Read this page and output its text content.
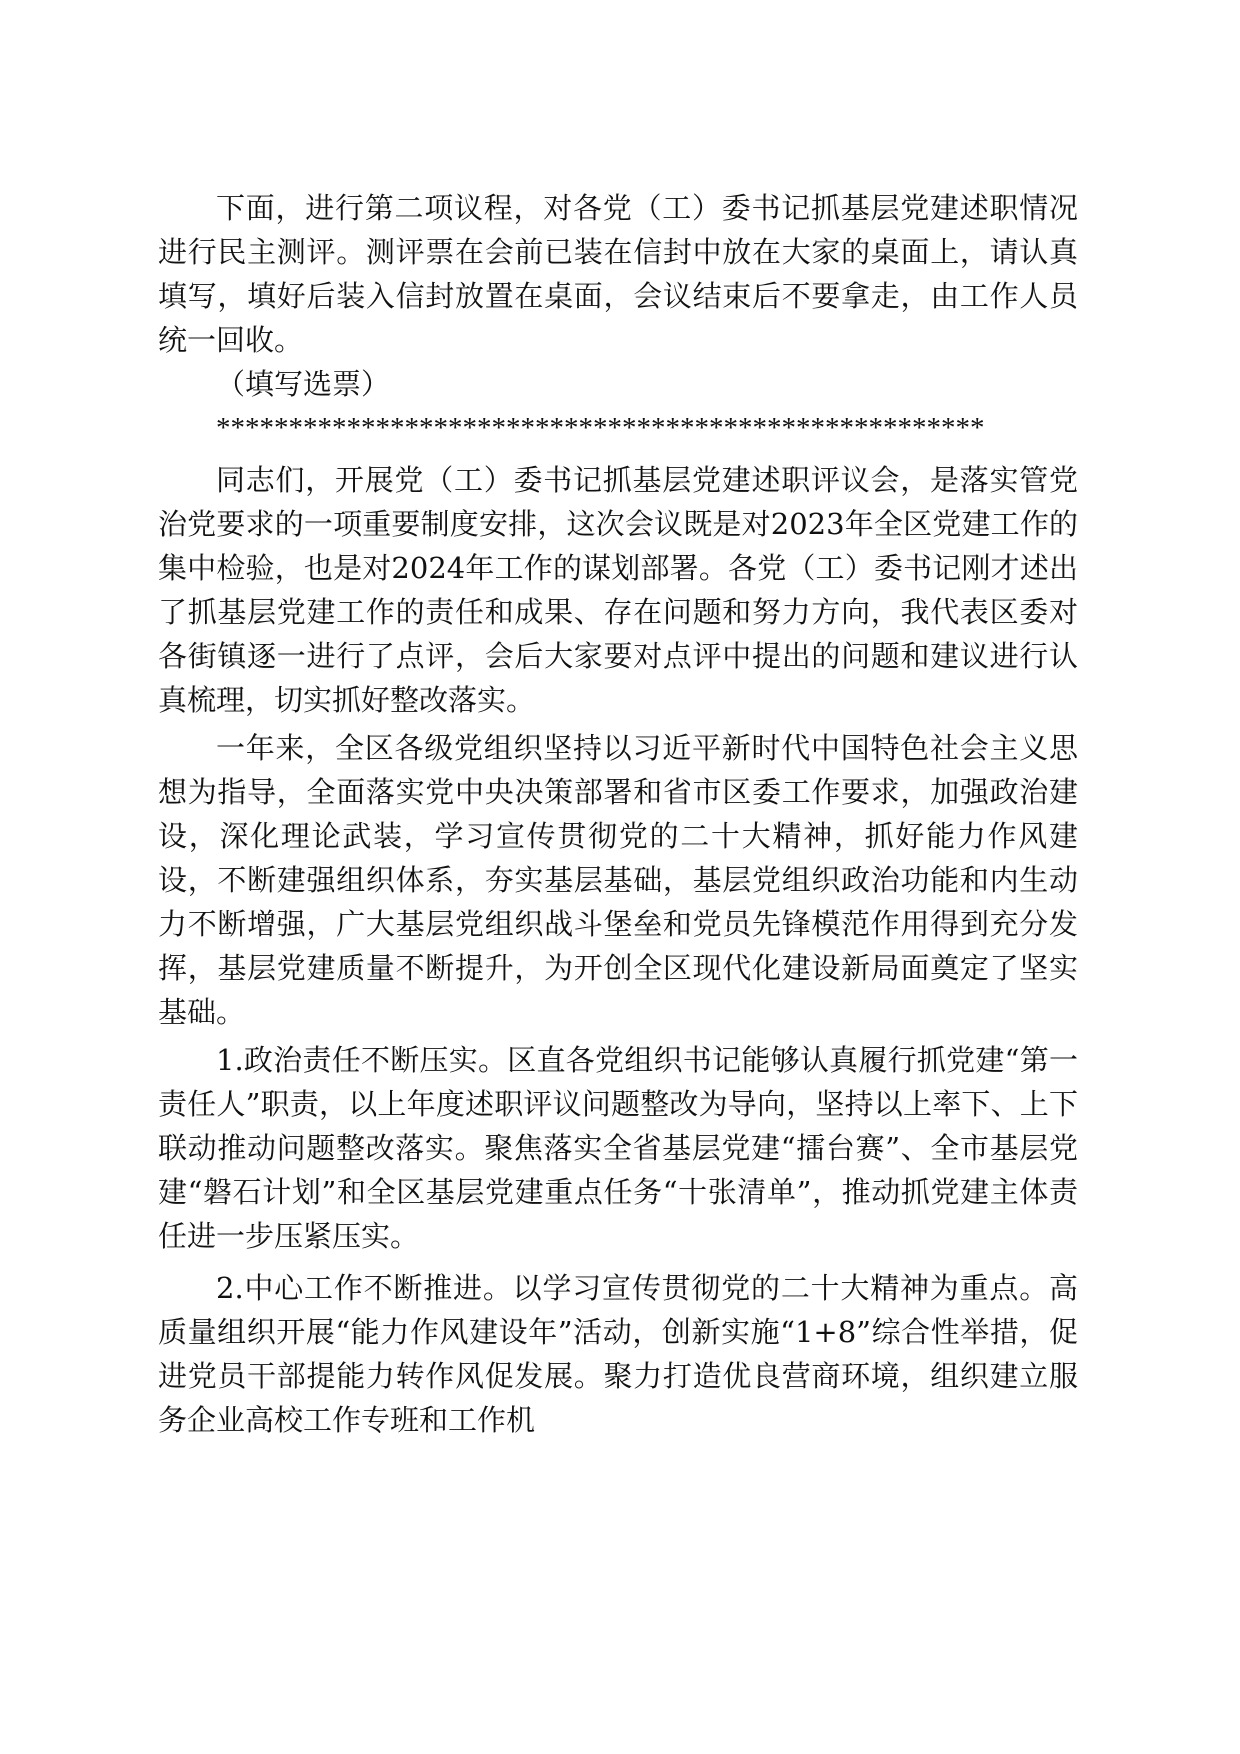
下面，进行第二项议程，对各党（工）委书记抓基层党建述职情况进行民主测评。测评票在会前已装在信封中放在大家的桌面上，请认真填写，填好后装入信封放置在桌面，会议结束后不要拿走，由工作人员统一回收。

（填写选票）

*****************************************************

同志们，开展党（工）委书记抓基层党建述职评议会，是落实管党治党要求的一项重要制度安排，这次会议既是对2023年全区党建工作的集中检验，也是对2024年工作的谋划部署。各党（工）委书记刚才述出了抓基层党建工作的责任和成果、存在问题和努力方向，我代表区委对各街镇逐一进行了点评，会后大家要对点评中提出的问题和建议进行认真梳理，切实抓好整改落实。

一年来，全区各级党组织坚持以习近平新时代中国特色社会主义思想为指导，全面落实党中央决策部署和省市区委工作要求，加强政治建设，深化理论武装，学习宣传贯彻党的二十大精神，抓好能力作风建设，不断建强组织体系，夯实基层基础，基层党组织政治功能和内生动力不断增强，广大基层党组织战斗堡垒和党员先锋模范作用得到充分发挥，基层党建质量不断提升，为开创全区现代化建设新局面奠定了坚实基础。

1.政治责任不断压实。区直各党组织书记能够认真履行抓党建“第一责任人”职责，以上年度述职评议问题整改为导向，坚持以上率下、上下联动推动问题整改落实。聚焦落实全省基层党建“擂台赛”、全市基层党建“磐石计划”和全区基层党建重点任务“十张清单”，推动抓党建主体责任进一步压紧压实。

2.中心工作不断推进。以学习宣传贯彻党的二十大精神为重点。高质量组织开展“能力作风建设年”活动，创新实施“1+8”综合性举措，促进党员干部提能力转作风促发展。聚力打造优良营商环境，组织建立服务企业高校工作专班和工作机
